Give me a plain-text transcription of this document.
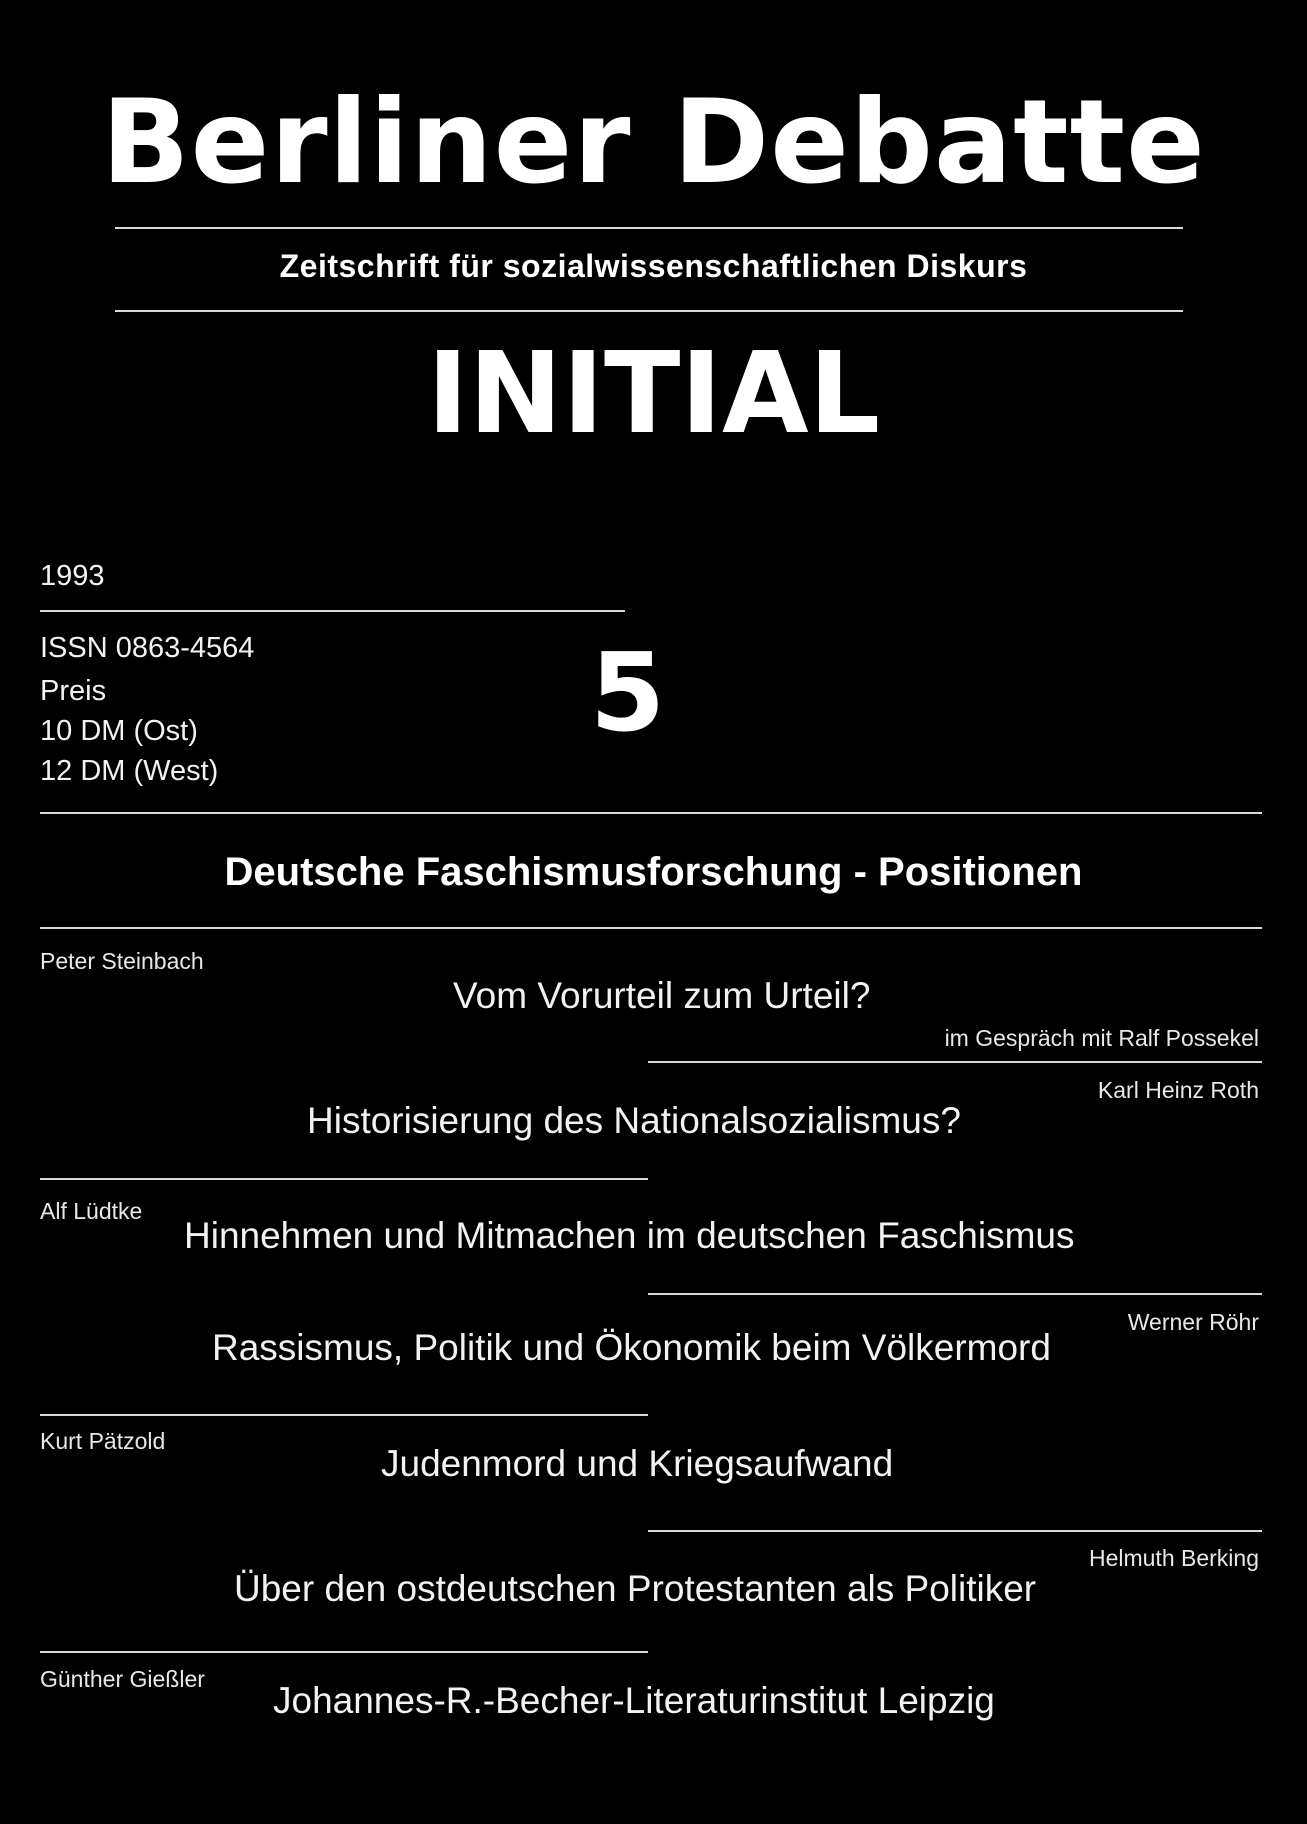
Berliner Debatte
Zeitschrift für sozialwissenschaftlichen Diskurs
INITIAL
1993
ISSN 0863-4564
Preis
10 DM (Ost)
12 DM (West)
5
Deutsche Faschismusforschung - Positionen
Peter Steinbach
Vom Vorurteil zum Urteil?
im Gespräch mit Ralf Possekel
Karl Heinz Roth
Historisierung des Nationalsozialismus?
Alf Lüdtke
Hinnehmen und Mitmachen im deutschen Faschismus
Werner Röhr
Rassismus, Politik und Ökonomik beim Völkermord
Kurt Pätzold
Judenmord und Kriegsaufwand
Helmuth Berking
Über den ostdeutschen Protestanten als Politiker
Günther Gießler
Johannes-R.-Becher-Literaturinstitut Leipzig
